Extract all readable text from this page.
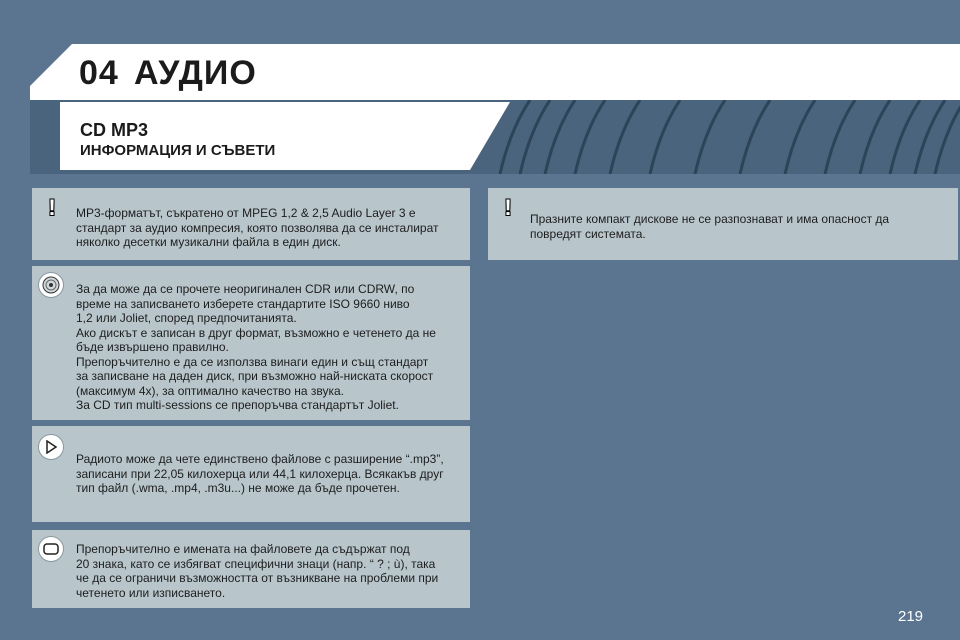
04 АУДИО
CD MP3
ИНФОРМАЦИЯ И СЪВЕТИ
!	MP3-форматът, съкратено от MPEG 1,2 & 2,5 Audio Layer 3 е
стандарт за аудио компресия, която позволява да се инсталират
няколко десетки музикални файла в един диск.
За да може да се прочете неоригинален CDR или CDRW, по
време на записването изберете стандартите ISO 9660 ниво
1,2 или Joliet, според предпочитанията.
Ако дискът е записан в друг формат, възможно е четенето да не
бъде извършено правилно.
Препоръчително е да се използва винаги един и същ стандарт
за записване на даден диск, при възможно най-ниската скорост
(максимум 4x), за оптимално качество на звука.
За CD тип multi-sessions се препоръчва стандартът Joliet.
Радиото може да чете единствено файлове с разширение “.mp3”,
записани при 22,05 килохерца или 44,1 килохерца. Всякакъв друг
тип файл (.wma, .mp4, .m3u...) не може да бъде прочетен.
Препоръчително е имената на файловете да съдържат под
20 знака, като се избягват специфични знаци (напр. “ ? ; ù), така
че да се ограничи възможността от възникване на проблеми при
четенето или изписването.
!	Празните компакт дискове не се разпознават и има опасност да
повредят системата.
219
